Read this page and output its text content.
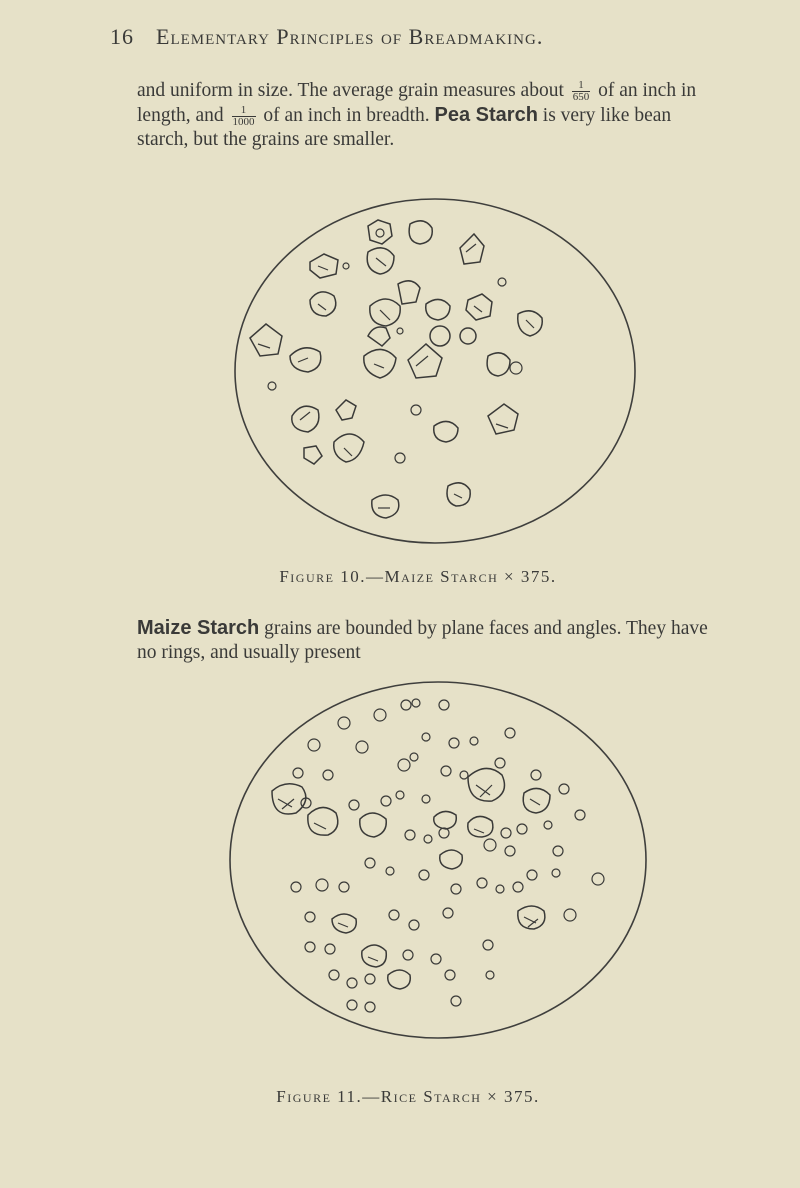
16 Elementary Principles of Breadmaking.
and uniform in size. The average grain measures about $\frac{1}{650}$ of an inch in length, and $\frac{1}{1000}$ of an inch in breadth. Pea Starch is very like bean starch, but the grains are smaller.
Figure 10.—Maize Starch × 375.
Maize Starch grains are bounded by plane faces and angles. They have no rings, and usually present
Figure 11.—Rice Starch × 375.
